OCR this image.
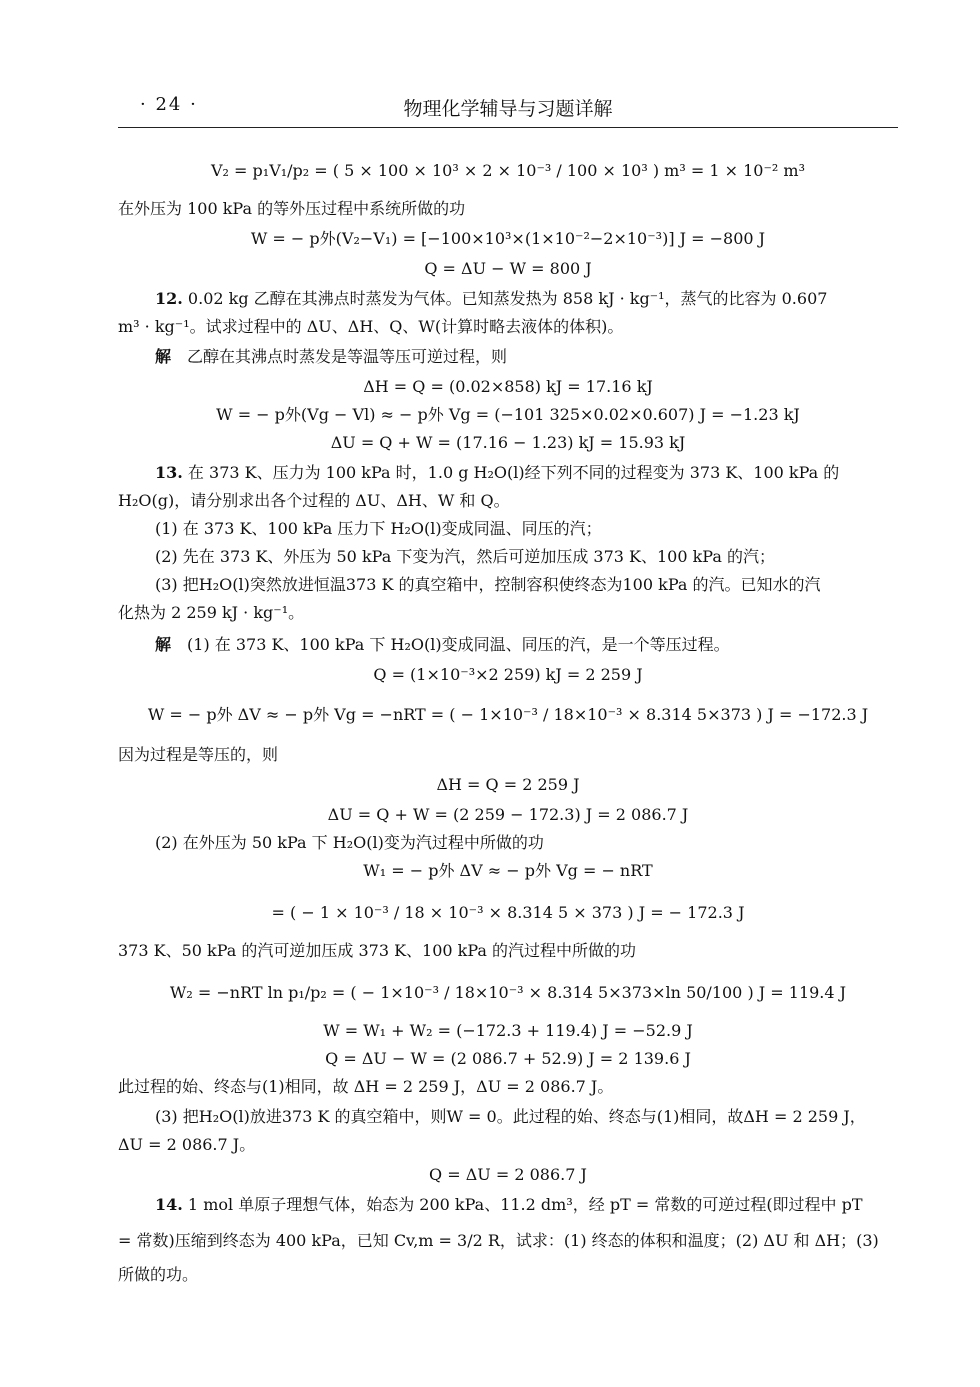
· 24 ·	物理化学辅导与习题详解
V₂ = p₁V₁/p₂ = ( 5 × 100 × 10³ × 2 × 10⁻³ / 100 × 10³ ) m³ = 1 × 10⁻² m³
在外压为 100 kPa 的等外压过程中系统所做的功
W = − p外(V₂−V₁) = [−100×10³×(1×10⁻²−2×10⁻³)] J = −800 J
Q = ΔU − W = 800 J
12. 0.02 kg 乙醇在其沸点时蒸发为气体。已知蒸发热为 858 kJ · kg⁻¹，蒸气的比容为 0.607
m³ · kg⁻¹。试求过程中的 ΔU、ΔH、Q、W(计算时略去液体的体积)。
解　乙醇在其沸点时蒸发是等温等压可逆过程，则
ΔH = Q = (0.02×858) kJ = 17.16 kJ
W = − p外(Vg − Vl) ≈ − p外 Vg = (−101 325×0.02×0.607) J = −1.23 kJ
ΔU = Q + W = (17.16 − 1.23) kJ = 15.93 kJ
13. 在 373 K、压力为 100 kPa 时，1.0 g H₂O(l)经下列不同的过程变为 373 K、100 kPa 的
H₂O(g)，请分别求出各个过程的 ΔU、ΔH、W 和 Q。
(1) 在 373 K、100 kPa 压力下 H₂O(l)变成同温、同压的汽；
(2) 先在 373 K、外压为 50 kPa 下变为汽，然后可逆加压成 373 K、100 kPa 的汽；
(3) 把H₂O(l)突然放进恒温373 K 的真空箱中，控制容积使终态为100 kPa 的汽。已知水的汽
化热为 2 259 kJ · kg⁻¹。
解　(1) 在 373 K、100 kPa 下 H₂O(l)变成同温、同压的汽，是一个等压过程。
Q = (1×10⁻³×2 259) kJ = 2 259 J
W = − p外 ΔV ≈ − p外 Vg = −nRT = ( − 1×10⁻³ / 18×10⁻³ × 8.314 5×373 ) J = −172.3 J
因为过程是等压的，则
ΔH = Q = 2 259 J
ΔU = Q + W = (2 259 − 172.3) J = 2 086.7 J
(2) 在外压为 50 kPa 下 H₂O(l)变为汽过程中所做的功
W₁ = − p外 ΔV ≈ − p外 Vg = − nRT
= ( − 1 × 10⁻³ / 18 × 10⁻³ × 8.314 5 × 373 ) J = − 172.3 J
373 K、50 kPa 的汽可逆加压成 373 K、100 kPa 的汽过程中所做的功
W₂ = −nRT ln p₁/p₂ = ( − 1×10⁻³ / 18×10⁻³ × 8.314 5×373×ln 50/100 ) J = 119.4 J
W = W₁ + W₂ = (−172.3 + 119.4) J = −52.9 J
Q = ΔU − W = (2 086.7 + 52.9) J = 2 139.6 J
此过程的始、终态与(1)相同，故 ΔH = 2 259 J，ΔU = 2 086.7 J。
(3) 把H₂O(l)放进373 K 的真空箱中，则W = 0。此过程的始、终态与(1)相同，故ΔH = 2 259 J，
ΔU = 2 086.7 J。
Q = ΔU = 2 086.7 J
14. 1 mol 单原子理想气体，始态为 200 kPa、11.2 dm³，经 pT = 常数的可逆过程(即过程中 pT
= 常数)压缩到终态为 400 kPa，已知 Cv,m = 3/2 R，试求：(1) 终态的体积和温度；(2) ΔU 和 ΔH；(3)
所做的功。
